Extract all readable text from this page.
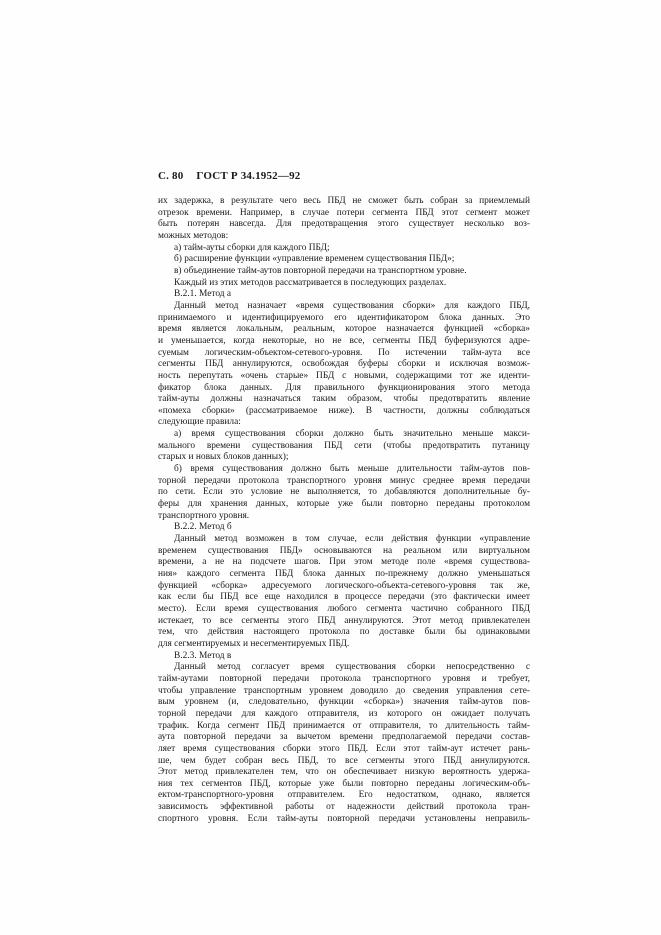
С. 80 ГОСТ Р 34.1952—92
их задержка, в результате чего весь ПБД не сможет быть собран за приемлемый
отрезок времени. Например, в случае потери сегмента ПБД этот сегмент может
быть потерян навсегда. Для предотвращения этого существует несколько воз-
можных методов:
а) тайм-ауты сборки для каждого ПБД;
б) расширение функции «управление временем существования ПБД»;
в) объединение тайм-аутов повторной передачи на транспортном уровне.
Каждый из этих методов рассматривается в последующих разделах.
В.2.1. Метод а
Данный метод назначает «время существования сборки» для каждого ПБД,
принимаемого и идентифицируемого его идентификатором блока данных. Это
время является локальным, реальным, которое назначается функцией «сборка»
и уменьшается, когда некоторые, но не все, сегменты ПБД буферизуются адре-
суемым логическим-объектом-сетевого-уровня. По истечении тайм-аута все
сегменты ПБД аннулируются, освобождая буферы сборки и исключая возмож-
ность перепутать «очень старые» ПБД с новыми, содержащими тот же иденти-
фикатор блока данных. Для правильного функционирования этого метода
тайм-ауты должны назначаться таким образом, чтобы предотвратить явление
«помеха сборки» (рассматриваемое ниже). В частности, должны соблюдаться
следующие правила:
а) время существования сборки должно быть значительно меньше макси-
мального времени существования ПБД сети (чтобы предотвратить путаницу
старых и новых блоков данных);
б) время существования должно быть меньше длительности тайм-аутов пов-
торной передачи протокола транспортного уровня минус среднее время передачи
по сети. Если это условие не выполняется, то добавляются дополнительные бу-
феры для хранения данных, которые уже были повторно переданы протоколом
транспортного уровня.
В.2.2. Метод б
Данный метод возможен в том случае, если действия функции «управление
временем существования ПБД» основываются на реальном или виртуальном
времени, а не на подсчете шагов. При этом методе поле «время существова-
ния» каждого сегмента ПБД блока данных по-прежнему должно уменьшаться
функцией «сборка» адресуемого логического-объекта-сетевого-уровня так же,
как если бы ПБД все еще находился в процессе передачи (это фактически имеет
место). Если время существования любого сегмента частично собранного ПБД
истекает, то все сегменты этого ПБД аннулируются. Этот метод привлекателен
тем, что действия настоящего протокола по доставке были бы одинаковыми
для сегментируемых и несегментируемых ПБД.
В.2.3. Метод в
Данный метод согласует время существования сборки непосредственно с
тайм-аутами повторной передачи протокола транспортного уровня и требует,
чтобы управление транспортным уровнем доводило до сведения управления сете-
вым уровнем (и, следовательно, функции «сборка») значения тайм-аутов пов-
торной передачи для каждого отправителя, из которого он ожидает получать
трафик. Когда сегмент ПБД принимается от отправителя, то длительность тайм-
аута повторной передачи за вычетом времени предполагаемой передачи состав-
ляет время существования сборки этого ПБД. Если этот тайм-аут истечет рань-
ше, чем будет собран весь ПБД, то все сегменты этого ПБД аннулируются.
Этот метод привлекателен тем, что он обеспечивает низкую вероятность удержа-
ния тех сегментов ПБД, которые уже были повторно переданы логическим-объ-
ектом-транспортного-уровня отправителем. Его недостатком, однако, является
зависимость эффективной работы от надежности действий протокола тран-
спортного уровня. Если тайм-ауты повторной передачи установлены неправиль-
